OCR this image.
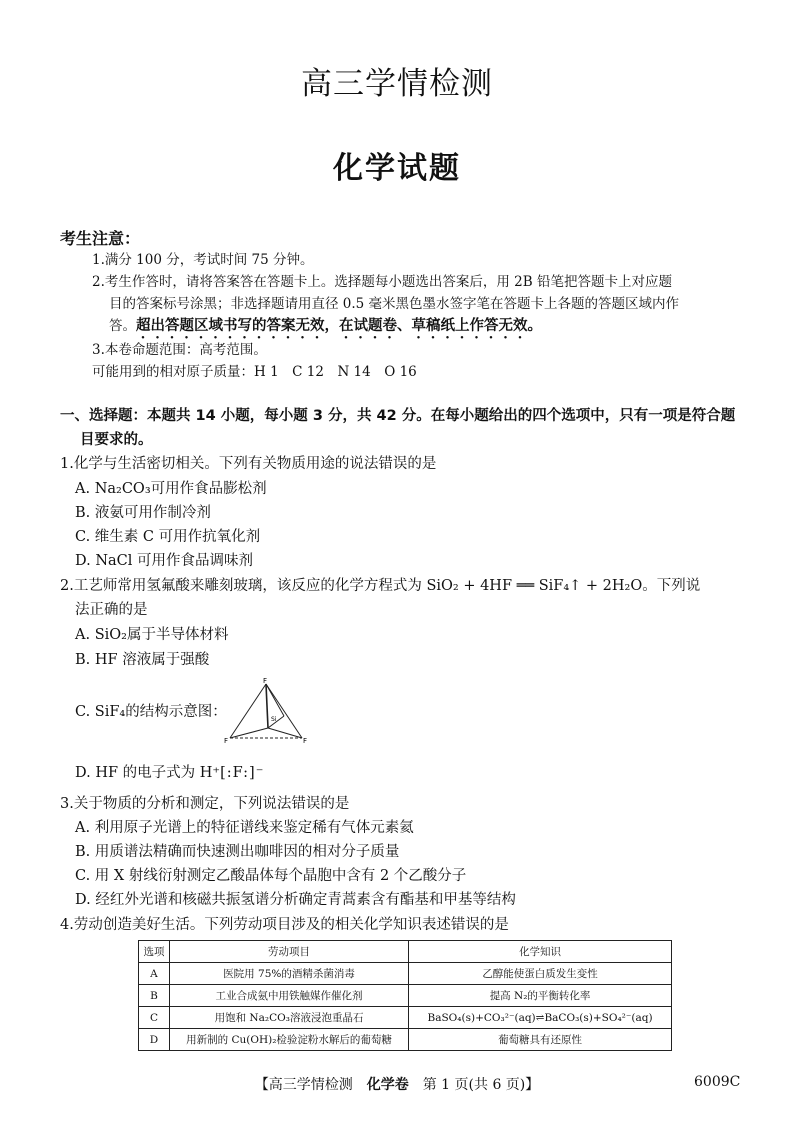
高三学情检测
化学试题
考生注意：
1.满分 100 分，考试时间 75 分钟。
2.考生作答时，请将答案答在答题卡上。选择题每小题选出答案后，用 2B 铅笔把答题卡上对应题
目的答案标号涂黑；非选择题请用直径 0.5 毫米黑色墨水签字笔在答题卡上各题的答题区域内作
答。超出答题区域书写的答案无效，在试题卷、草稿纸上作答无效。
3.本卷命题范围：高考范围。
可能用到的相对原子质量：H 1　C 12　N 14　O 16
一、选择题：本题共 14 小题，每小题 3 分，共 42 分。在每小题给出的四个选项中，只有一项是符合题
目要求的。
1.化学与生活密切相关。下列有关物质用途的说法错误的是
A. Na₂CO₃可用作食品膨松剂
B. 液氨可用作制冷剂
C. 维生素 C 可用作抗氧化剂
D. NaCl 可用作食品调味剂
2.工艺师常用氢氟酸来雕刻玻璃，该反应的化学方程式为 SiO₂ + 4HF ══ SiF₄↑ + 2H₂O。下列说
法正确的是
A. SiO₂属于半导体材料
B. HF 溶液属于强酸
C. SiF₄的结构示意图：
F
F	F
Si
D. HF 的电子式为 H⁺[:F:]⁻
3.关于物质的分析和测定，下列说法错误的是
A. 利用原子光谱上的特征谱线来鉴定稀有气体元素氦
B. 用质谱法精确而快速测出咖啡因的相对分子质量
C. 用 X 射线衍射测定乙酸晶体每个晶胞中含有 2 个乙酸分子
D. 经红外光谱和核磁共振氢谱分析确定青蒿素含有酯基和甲基等结构
4.劳动创造美好生活。下列劳动项目涉及的相关化学知识表述错误的是
选项	劳动项目	化学知识
A	医院用 75%的酒精杀菌消毒	乙醇能使蛋白质发生变性
B	工业合成氨中用铁触媒作催化剂	提高 N₂的平衡转化率
C	用饱和 Na₂CO₃溶液浸泡重晶石	BaSO₄(s)+CO₃²⁻(aq)⇌BaCO₃(s)+SO₄²⁻(aq)
D	用新制的 Cu(OH)₂检验淀粉水解后的葡萄糖	葡萄糖具有还原性
【高三学情检测　化学卷　第 1 页(共 6 页)】	6009C
